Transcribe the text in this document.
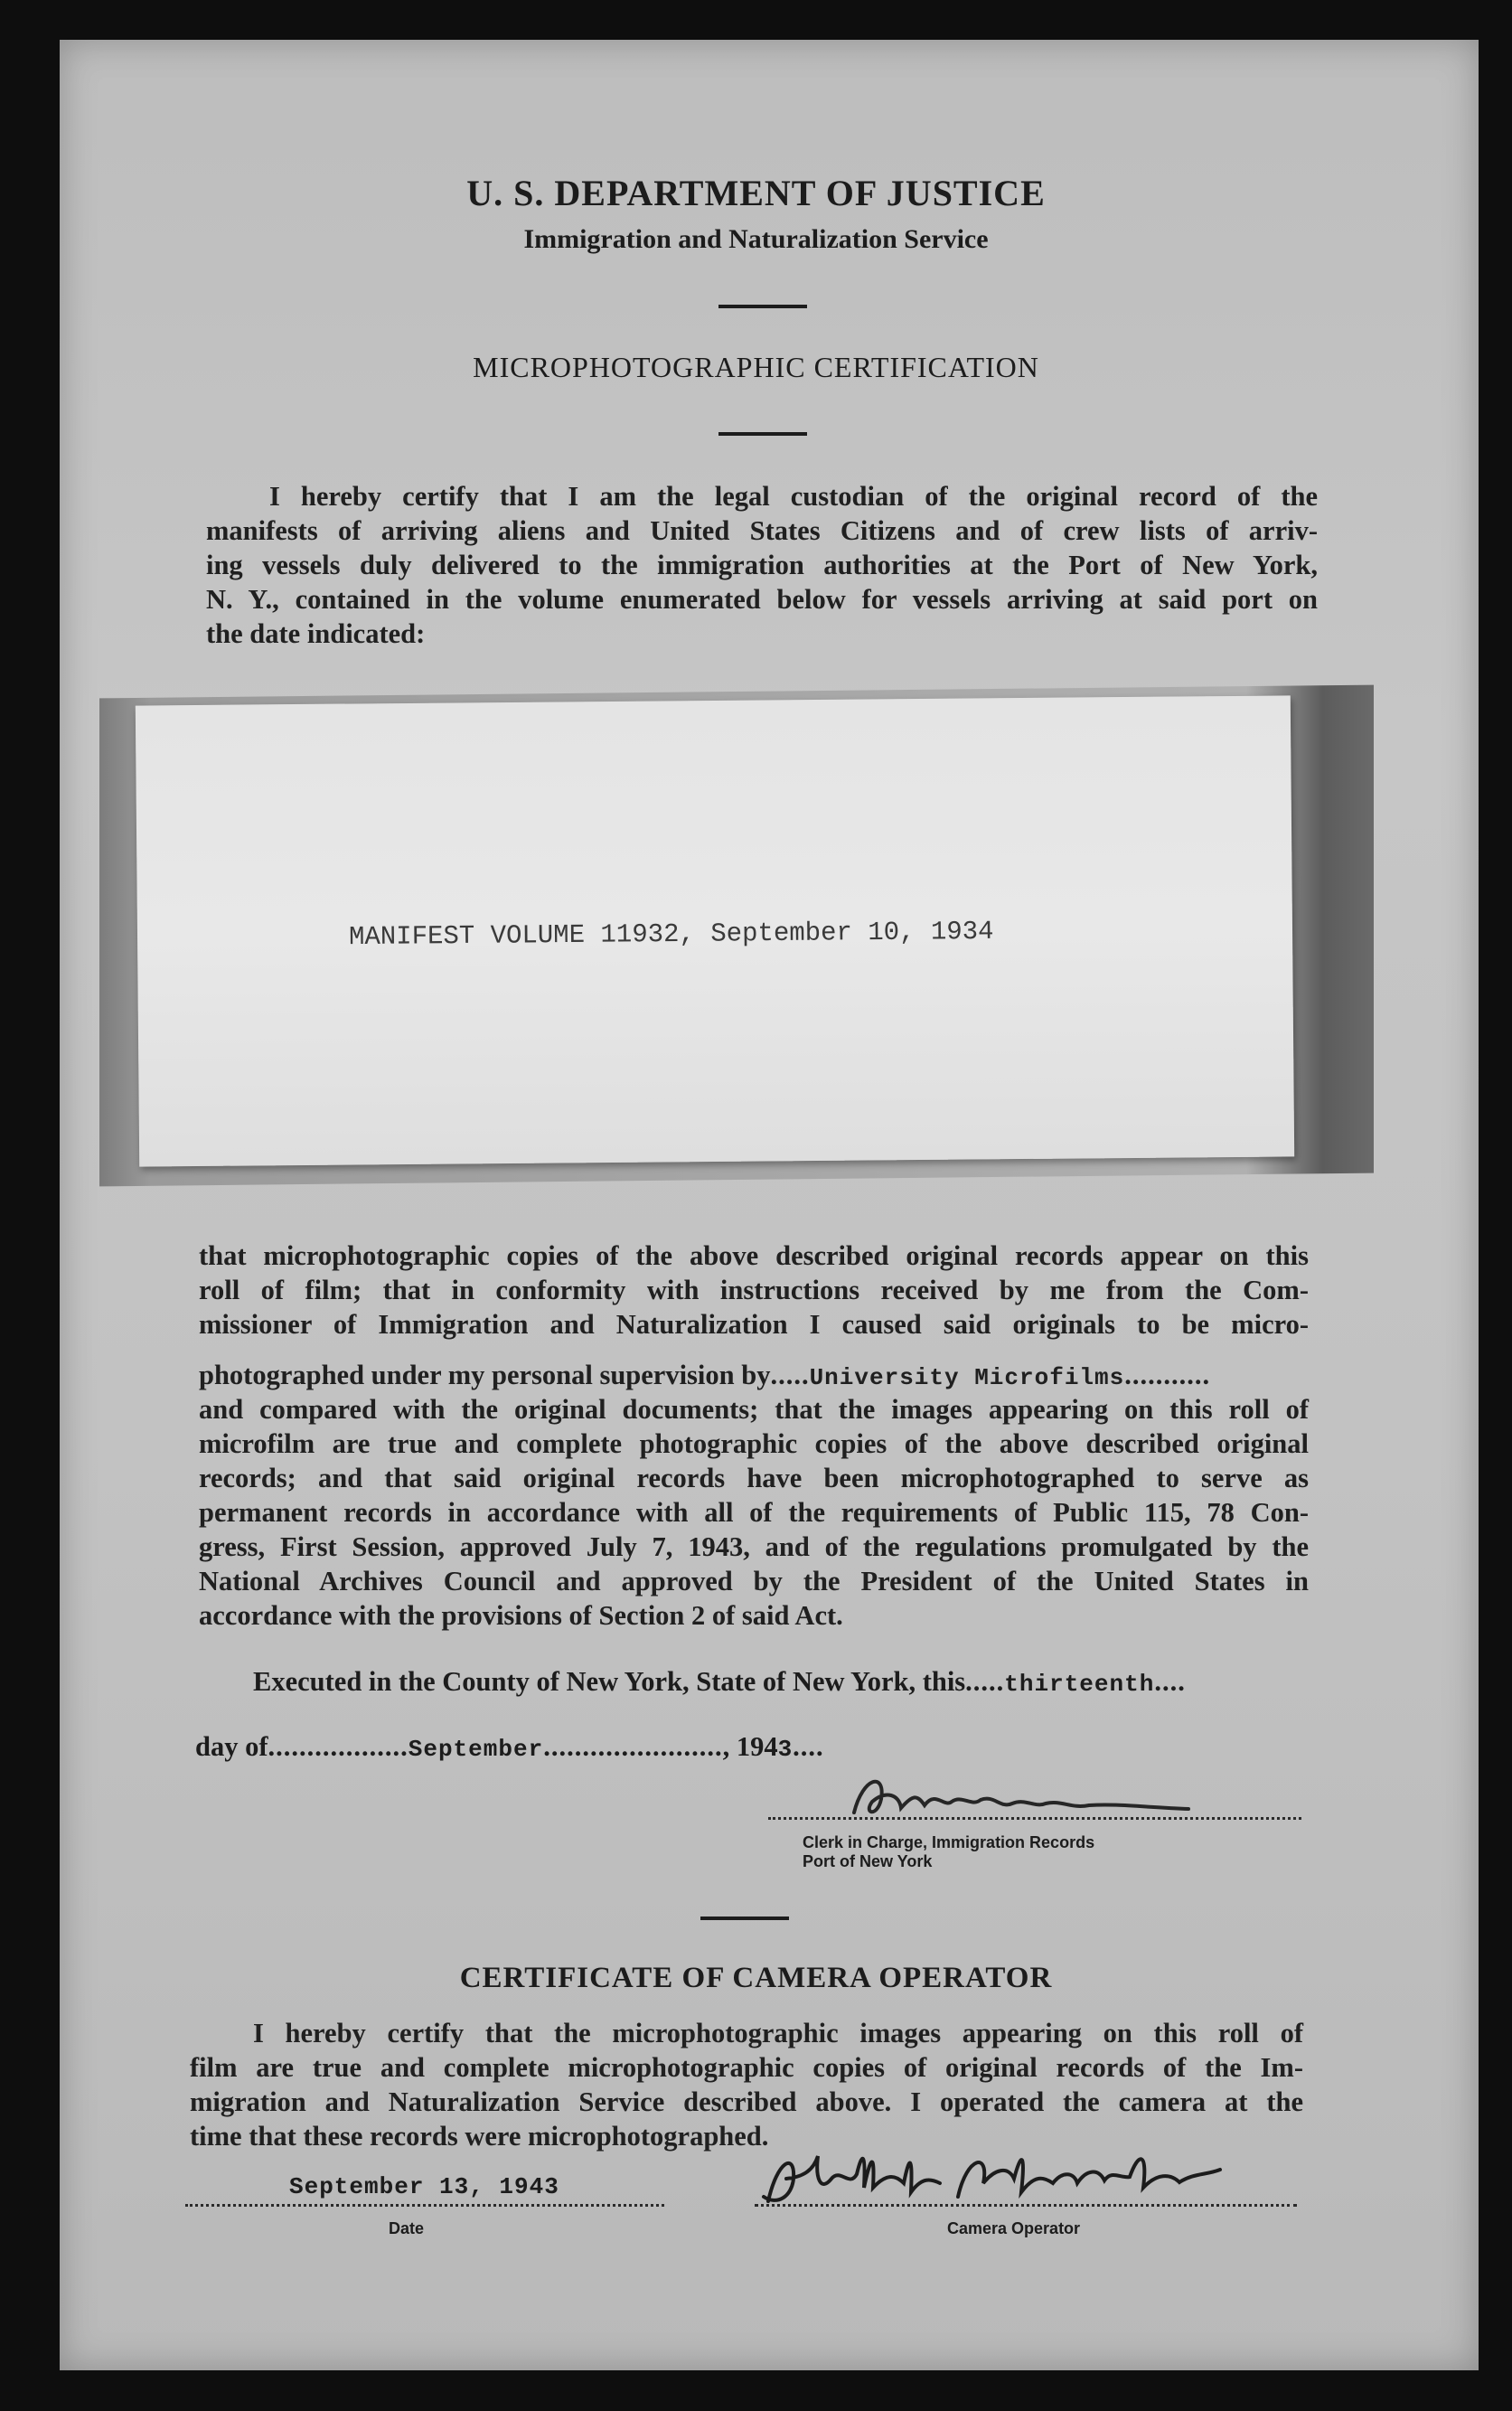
U. S. DEPARTMENT OF JUSTICE
Immigration and Naturalization Service
MICROPHOTOGRAPHIC CERTIFICATION
I hereby certify that I am the legal custodian of the original record of the
manifests of arriving aliens and United States Citizens and of crew lists of arriv-
ing vessels duly delivered to the immigration authorities at the Port of New York,
N. Y., contained in the volume enumerated below for vessels arriving at said port on
the date indicated:
MANIFEST VOLUME 11932, September 10, 1934
that microphotographic copies of the above described original records appear on this
roll of film; that in conformity with instructions received by me from the Com-
missioner of Immigration and Naturalization I caused said originals to be micro-
photographed under my personal supervision by.....University Microfilms...........
and compared with the original documents; that the images appearing on this roll of
microfilm are true and complete photographic copies of the above described original
records; and that said original records have been microphotographed to serve as
permanent records in accordance with all of the requirements of Public 115, 78 Con-
gress, First Session, approved July 7, 1943, and of the regulations promulgated by the
National Archives Council and approved by the President of the United States in
accordance with the provisions of Section 2 of said Act.
Executed in the County of New York, State of New York, this.....thirteenth....
day of..................September......................., 1943....
Clerk in Charge, Immigration Records
Port of New York
CERTIFICATE OF CAMERA OPERATOR
I hereby certify that the microphotographic images appearing on this roll of
film are true and complete microphotographic copies of original records of the Im-
migration and Naturalization Service described above. I operated the camera at the
time that these records were microphotographed.
September 13, 1943
Date	Camera Operator
